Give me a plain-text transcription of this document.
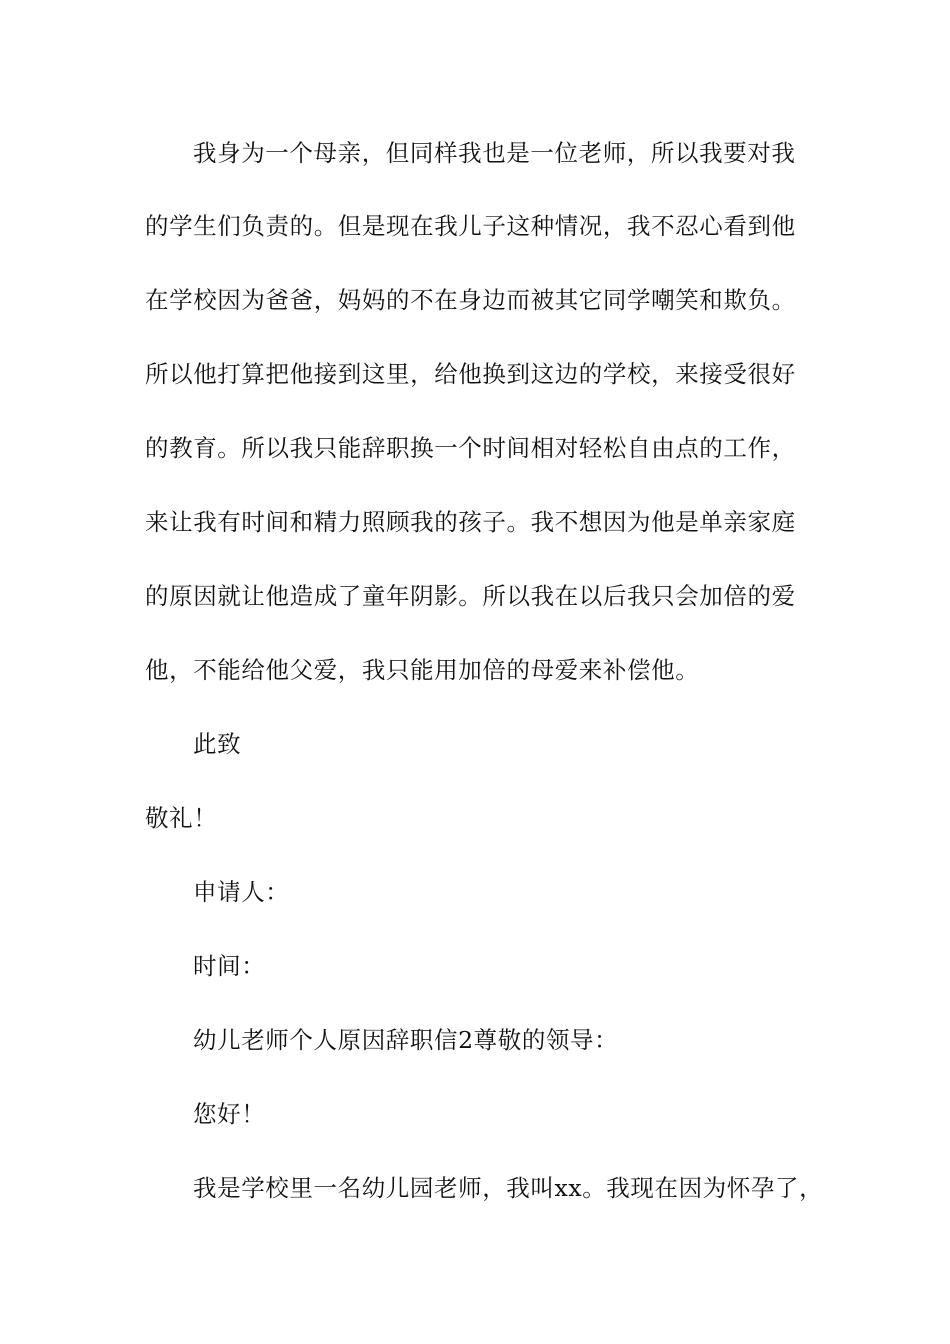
我身为一个母亲，但同样我也是一位老师，所以我要对我
的学生们负责的。但是现在我儿子这种情况，我不忍心看到他
在学校因为爸爸，妈妈的不在身边而被其它同学嘲笑和欺负。
所以他打算把他接到这里，给他换到这边的学校，来接受很好
的教育。所以我只能辞职换一个时间相对轻松自由点的工作，
来让我有时间和精力照顾我的孩子。我不想因为他是单亲家庭
的原因就让他造成了童年阴影。所以我在以后我只会加倍的爱
他，不能给他父爱，我只能用加倍的母爱来补偿他。
此致
敬礼！
申请人：
时间：
幼儿老师个人原因辞职信2尊敬的领导：
您好！
我是学校里一名幼儿园老师，我叫xx。我现在因为怀孕了，
